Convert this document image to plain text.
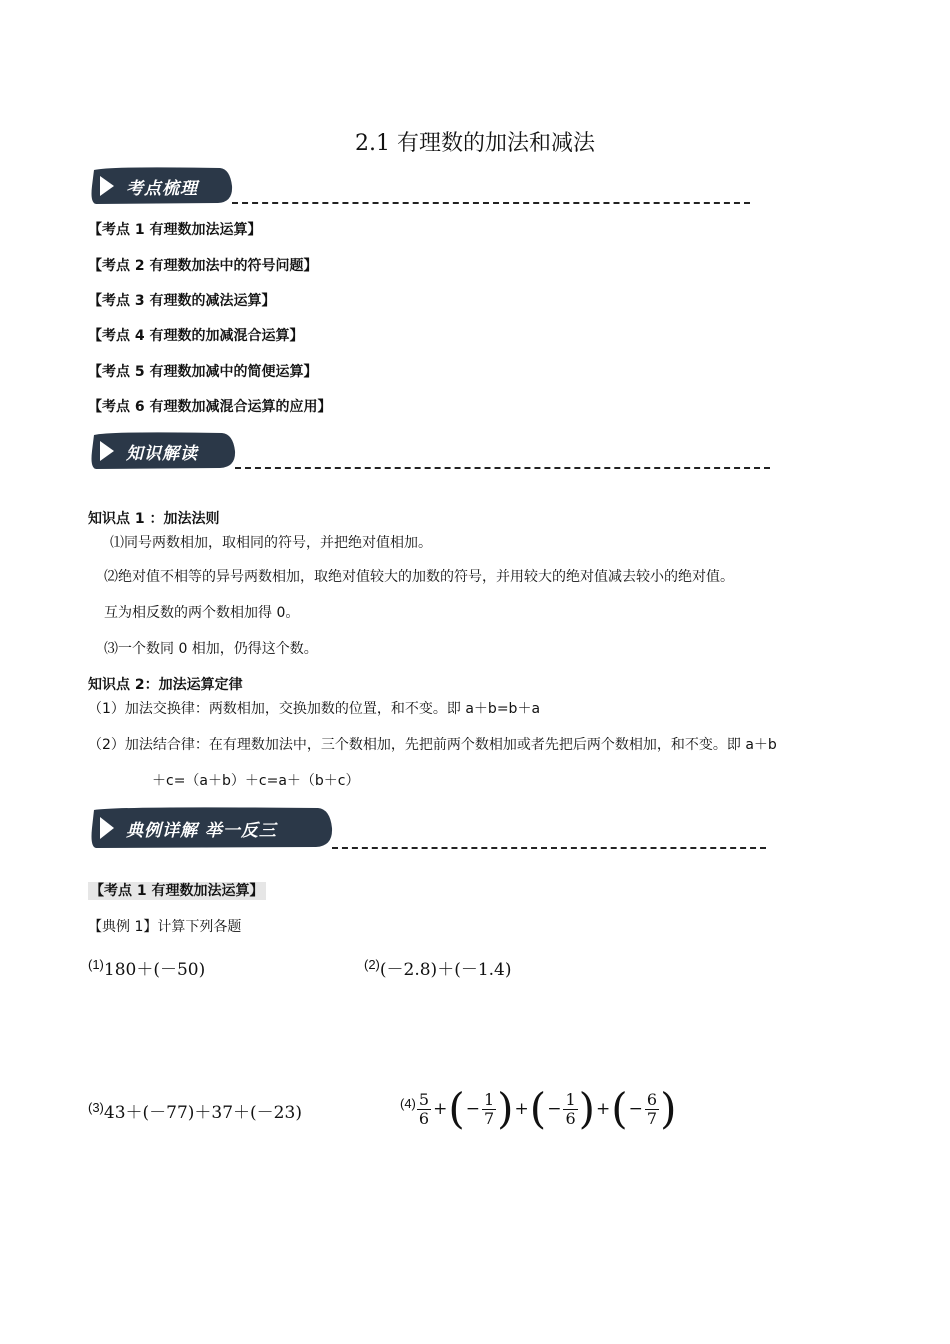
2.1 有理数的加法和减法
考点梳理
【考点 1 有理数加法运算】
【考点 2 有理数加法中的符号问题】
【考点 3 有理数的减法运算】
【考点 4 有理数的加减混合运算】
【考点 5 有理数加减中的简便运算】
【考点 6 有理数加减混合运算的应用】
知识解读
知识点 1 ：加法法则
⑴同号两数相加，取相同的符号，并把绝对值相加。
⑵绝对值不相等的异号两数相加，取绝对值较大的加数的符号，并用较大的绝对值减去较小的绝对值。
互为相反数的两个数相加得 0。
⑶一个数同 0 相加，仍得这个数。
知识点 2：加法运算定律
（1）加法交换律：两数相加，交换加数的位置，和不变。即 a＋b=b＋a
（2）加法结合律：在有理数加法中，三个数相加，先把前两个数相加或者先把后两个数相加，和不变。即 a＋b
＋c=（a＋b）＋c=a＋（b＋c）
典例详解 举一反三
【考点 1 有理数加法运算】
【典例 1】计算下列各题
$^{(1)}$180＋(－50)	$^{(2)}$(－2.8)＋(－1.4)
$^{(3)}$43＋(－77)＋37＋(－23)	$(4) \frac{5}{6}$ + ( − $\frac{1}{7}$ ) + ( − $\frac{1}{6}$ ) + ( − $\frac{6}{7}$ )
